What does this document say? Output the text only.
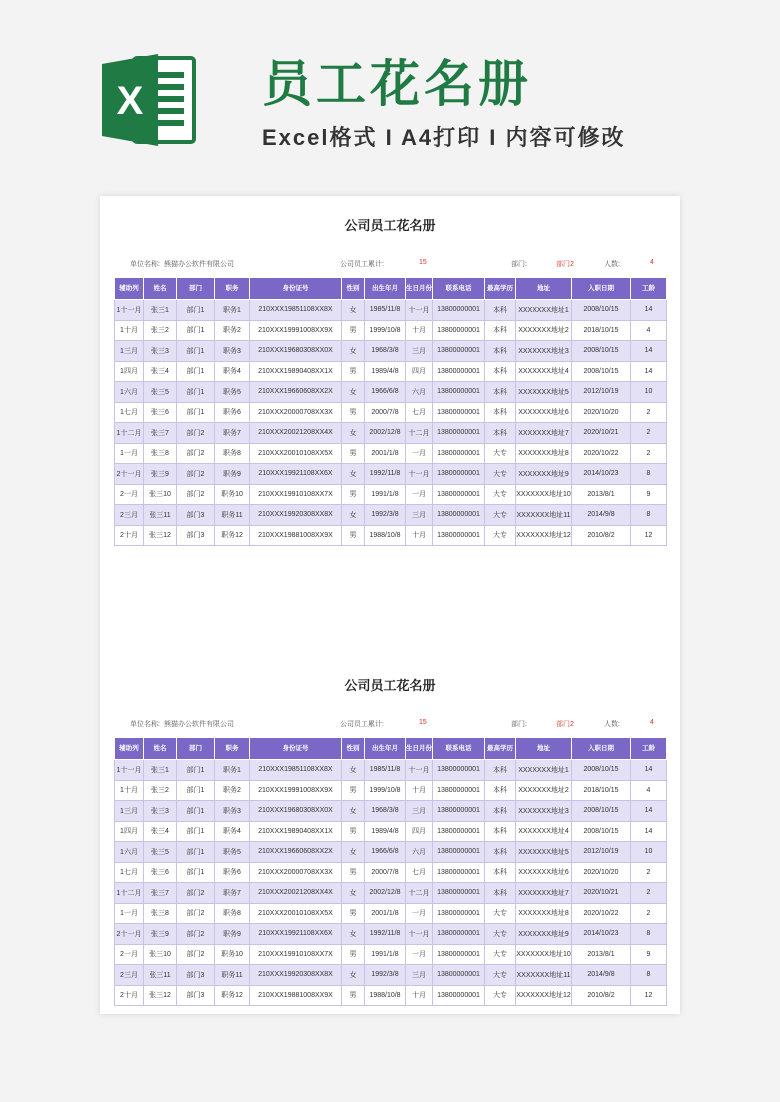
X 员工花名册
Excel格式 I A4打印 I 内容可修改
公司员工花名册
单位名称: 熊猫办公软件有限公司	公司员工累计:	15	部门:	部门2	人数:	4
辅助列	姓名	部门	职务	身份证号	性别	出生年月	生日月份	联系电话	最高学历	地址	入职日期	工龄
1十一月	张三1	部门1	职务1	210XXX19851108XX8X	女	1985/11/8	十一月	13800000001	本科	XXXXXXX地址1	2008/10/15	14
1十月	张三2	部门1	职务2	210XXX19991008XX9X	男	1999/10/8	十月	13800000001	本科	XXXXXXX地址2	2018/10/15	4
1三月	张三3	部门1	职务3	210XXX19680308XX0X	女	1968/3/8	三月	13800000001	本科	XXXXXXX地址3	2008/10/15	14
1四月	张三4	部门1	职务4	210XXX19890408XX1X	男	1989/4/8	四月	13800000001	本科	XXXXXXX地址4	2008/10/15	14
1六月	张三5	部门1	职务5	210XXX19660608XX2X	女	1966/6/8	六月	13800000001	本科	XXXXXXX地址5	2012/10/19	10
1七月	张三6	部门1	职务6	210XXX20000708XX3X	男	2000/7/8	七月	13800000001	本科	XXXXXXX地址6	2020/10/20	2
1十二月	张三7	部门2	职务7	210XXX20021208XX4X	女	2002/12/8	十二月	13800000001	本科	XXXXXXX地址7	2020/10/21	2
1一月	张三8	部门2	职务8	210XXX20010108XX5X	男	2001/1/8	一月	13800000001	大专	XXXXXXX地址8	2020/10/22	2
2十一月	张三9	部门2	职务9	210XXX19921108XX6X	女	1992/11/8	十一月	13800000001	大专	XXXXXXX地址9	2014/10/23	8
2一月	张三10	部门2	职务10	210XXX19910108XX7X	男	1991/1/8	一月	13800000001	大专	XXXXXXX地址10	2013/8/1	9
2三月	张三11	部门3	职务11	210XXX19920308XX8X	女	1992/3/8	三月	13800000001	大专	XXXXXXX地址11	2014/9/8	8
2十月	张三12	部门3	职务12	210XXX19881008XX9X	男	1988/10/8	十月	13800000001	大专	XXXXXXX地址12	2010/8/2	12
公司员工花名册
单位名称: 熊猫办公软件有限公司	公司员工累计:	15	部门:	部门2	人数:	4
辅助列	姓名	部门	职务	身份证号	性别	出生年月	生日月份	联系电话	最高学历	地址	入职日期	工龄
1十一月	张三1	部门1	职务1	210XXX19851108XX8X	女	1985/11/8	十一月	13800000001	本科	XXXXXXX地址1	2008/10/15	14
1十月	张三2	部门1	职务2	210XXX19991008XX9X	男	1999/10/8	十月	13800000001	本科	XXXXXXX地址2	2018/10/15	4
1三月	张三3	部门1	职务3	210XXX19680308XX0X	女	1968/3/8	三月	13800000001	本科	XXXXXXX地址3	2008/10/15	14
1四月	张三4	部门1	职务4	210XXX19890408XX1X	男	1989/4/8	四月	13800000001	本科	XXXXXXX地址4	2008/10/15	14
1六月	张三5	部门1	职务5	210XXX19660608XX2X	女	1966/6/8	六月	13800000001	本科	XXXXXXX地址5	2012/10/19	10
1七月	张三6	部门1	职务6	210XXX20000708XX3X	男	2000/7/8	七月	13800000001	本科	XXXXXXX地址6	2020/10/20	2
1十二月	张三7	部门2	职务7	210XXX20021208XX4X	女	2002/12/8	十二月	13800000001	本科	XXXXXXX地址7	2020/10/21	2
1一月	张三8	部门2	职务8	210XXX20010108XX5X	男	2001/1/8	一月	13800000001	大专	XXXXXXX地址8	2020/10/22	2
2十一月	张三9	部门2	职务9	210XXX19921108XX6X	女	1992/11/8	十一月	13800000001	大专	XXXXXXX地址9	2014/10/23	8
2一月	张三10	部门2	职务10	210XXX19910108XX7X	男	1991/1/8	一月	13800000001	大专	XXXXXXX地址10	2013/8/1	9
2三月	张三11	部门3	职务11	210XXX19920308XX8X	女	1992/3/8	三月	13800000001	大专	XXXXXXX地址11	2014/9/8	8
2十月	张三12	部门3	职务12	210XXX19881008XX9X	男	1988/10/8	十月	13800000001	大专	XXXXXXX地址12	2010/8/2	12
